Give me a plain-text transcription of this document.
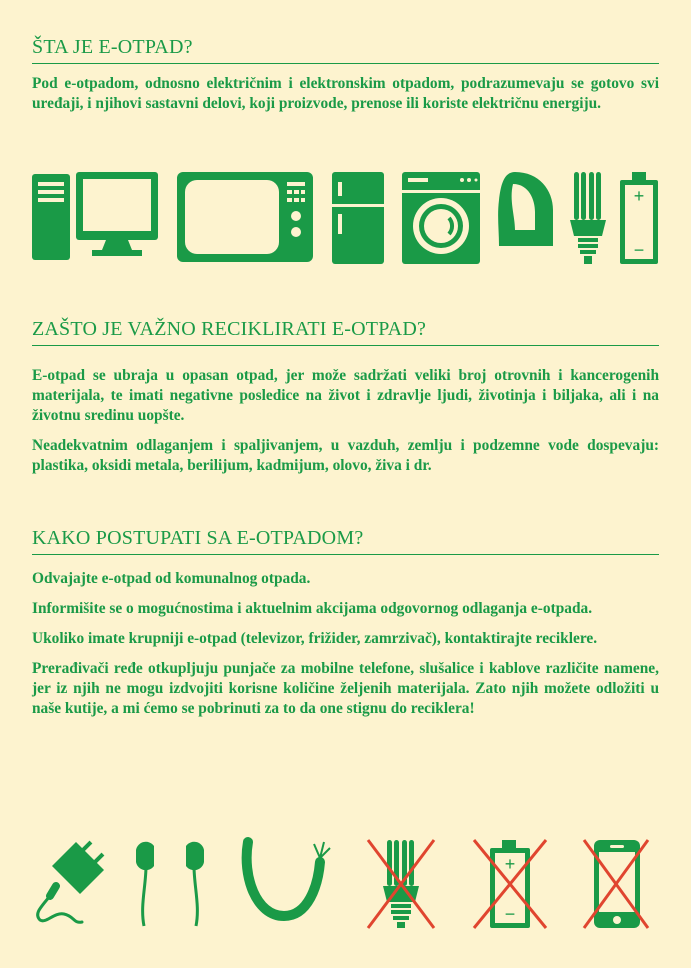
ŠTA JE E-OTPAD?

Pod e-otpadom, odnosno električnim i elektronskim otpadom, podrazumevaju se gotovo svi uređaji, i njihovi sastavni delovi, koji proizvode, prenose ili koriste električnu energiju.

+
−
ZAŠTO JE VAŽNO RECIKLIRATI E-OTPAD?

E-otpad se ubraja u opasan otpad, jer može sadržati veliki broj otrovnih i kancerogenih materijala, te imati negativne posledice na život i zdravlje ljudi, životinja i biljaka, ali i na životnu sredinu uopšte.

Neadekvatnim odlaganjem i spaljivanjem, u vazduh, zemlju i podzemne vode dospevaju: plastika, oksidi metala, berilijum, kadmijum, olovo, živa i dr.

KAKO POSTUPATI SA E-OTPADOM?

Odvajajte e-otpad od komunalnog otpada.

Informišite se o mogućnostima i aktuelnim akcijama odgovornog odlaganja e-otpada.

Ukoliko imate krupniji e-otpad (televizor, frižider, zamrzivač), kontaktirajte reciklere.

Prerađivači ređe otkupljuju punjače za mobilne telefone, slušalice i kablove različite namene, jer iz njih ne mogu izdvojiti korisne količine željenih materijala. Zato njih možete odložiti u naše kutije, a mi ćemo se pobrinuti za to da one stignu do reciklera!

+
−
